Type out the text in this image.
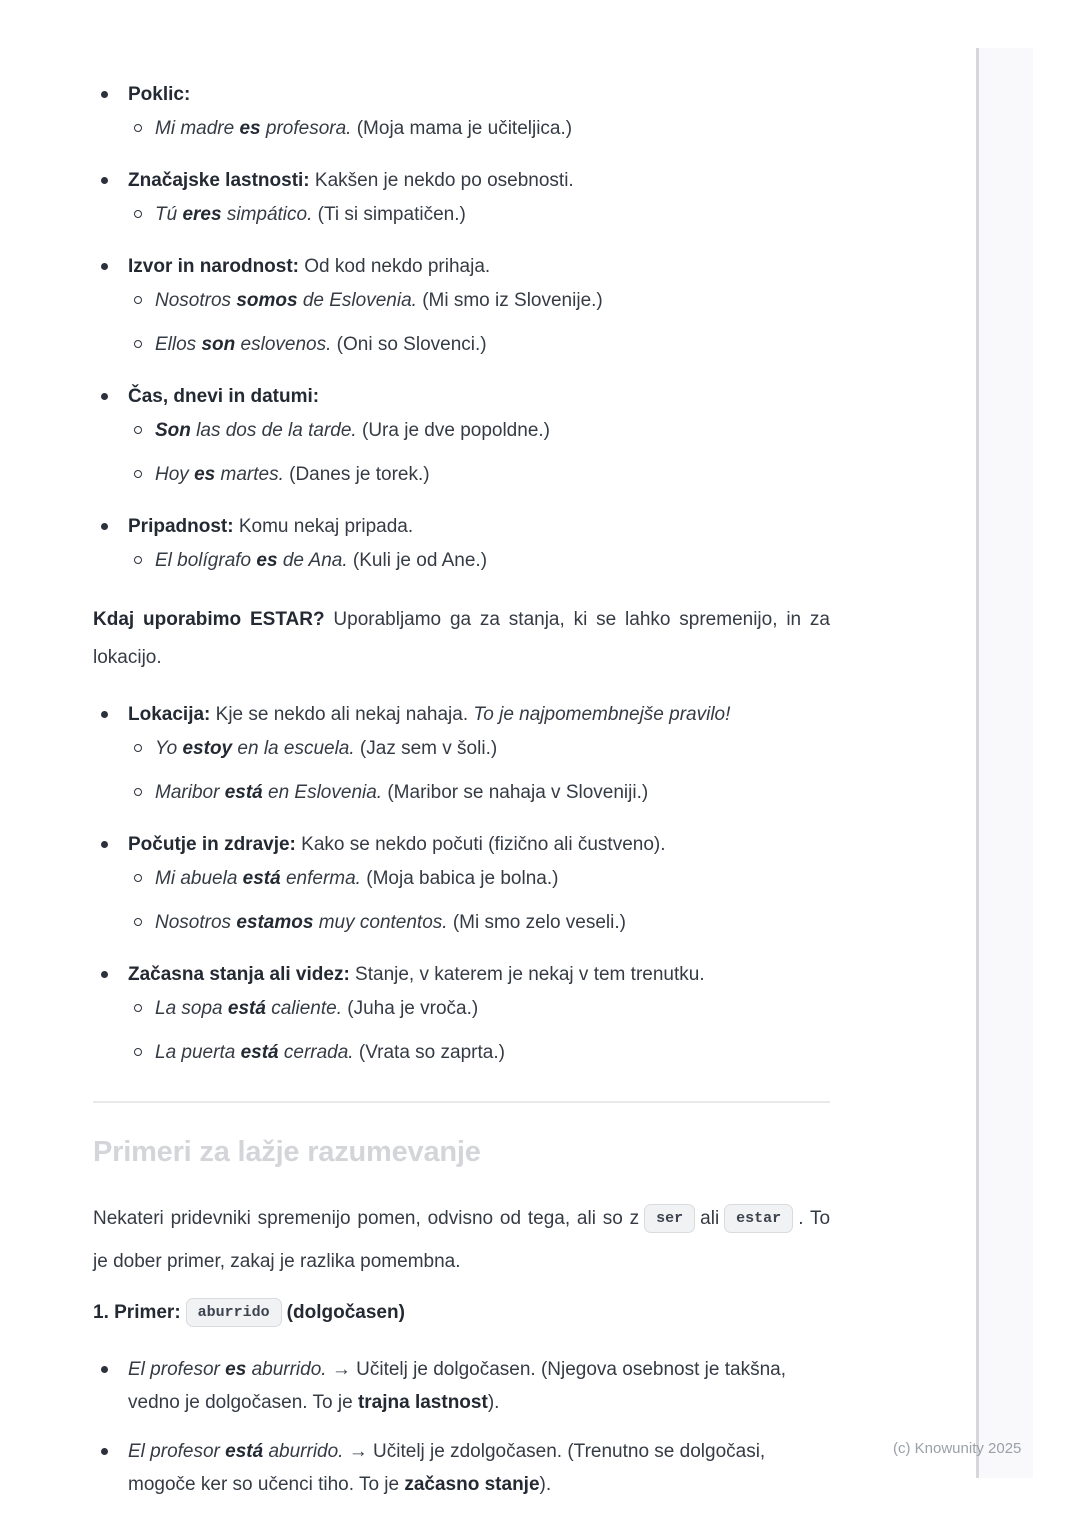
Poklic:
Mi madre es profesora. (Moja mama je učiteljica.)
Značajske lastnosti: Kakšen je nekdo po osebnosti.
Tú eres simpático. (Ti si simpatičen.)
Izvor in narodnost: Od kod nekdo prihaja.
Nosotros somos de Eslovenia. (Mi smo iz Slovenije.)
Ellos son eslovenos. (Oni so Slovenci.)
Čas, dnevi in datumi:
Son las dos de la tarde. (Ura je dve popoldne.)
Hoy es martes. (Danes je torek.)
Pripadnost: Komu nekaj pripada.
El bolígrafo es de Ana. (Kuli je od Ane.)

Kdaj uporabimo ESTAR? Uporabljamo ga za stanja, ki se lahko spremenijo, in za lokacijo.

Lokacija: Kje se nekdo ali nekaj nahaja. To je najpomembnejše pravilo!
Yo estoy en la escuela. (Jaz sem v šoli.)
Maribor está en Eslovenia. (Maribor se nahaja v Sloveniji.)
Počutje in zdravje: Kako se nekdo počuti (fizično ali čustveno).
Mi abuela está enferma. (Moja babica je bolna.)
Nosotros estamos muy contentos. (Mi smo zelo veseli.)
Začasna stanja ali videz: Stanje, v katerem je nekaj v tem trenutku.
La sopa está caliente. (Juha je vroča.)
La puerta está cerrada. (Vrata so zaprta.)
Primeri za lažje razumevanje

Nekateri pridevniki spremenijo pomen, odvisno od tega, ali so z ser ali estar . To je dober primer, zakaj je razlika pomembna.

1. Primer: aburrido (dolgočasen)

El profesor es aburrido. → Učitelj je dolgočasen. (Njegova osebnost je takšna, vedno je dolgočasen. To je trajna lastnost).
El profesor está aburrido. → Učitelj je zdolgočasen. (Trenutno se dolgočasi, mogoče ker so učenci tiho. To je začasno stanje).
(c) Knowunity 2025
